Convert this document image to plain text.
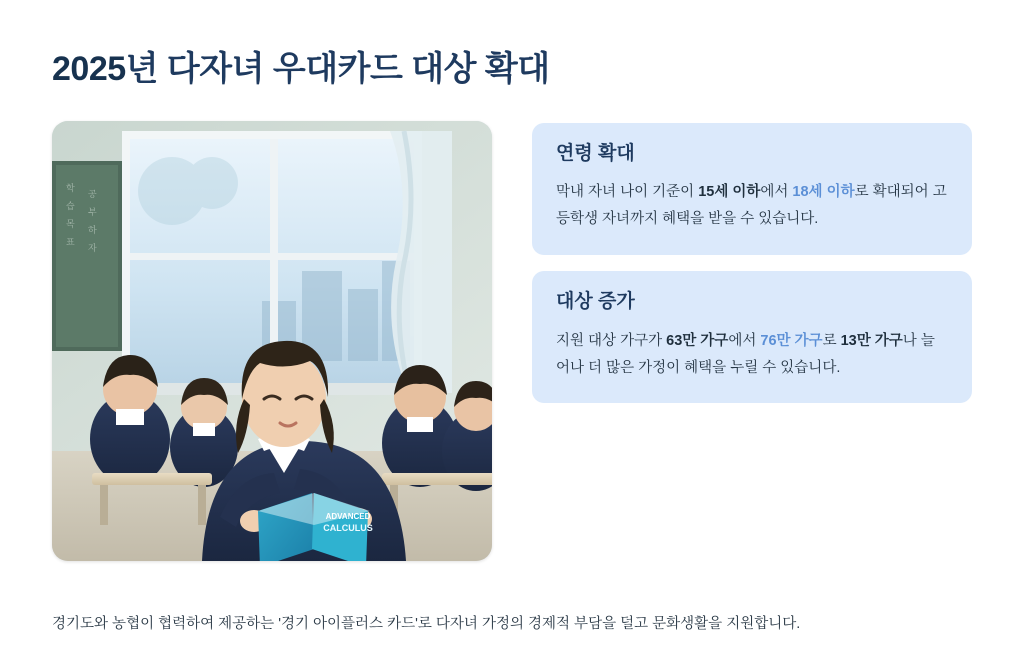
2025년 다자녀 우대카드 대상 확대
학
습
목
표
공
부
하
자
ADVANCED
CALCULUS
연령 확대
막내 자녀 나이 기준이 15세 이하에서 18세 이하로 확대되어 고등학생 자녀까지 혜택을 받을 수 있습니다.
대상 증가
지원 대상 가구가 63만 가구에서 76만 가구로 13만 가구나 늘어나 더 많은 가정이 혜택을 누릴 수 있습니다.
경기도와 농협이 협력하여 제공하는 '경기 아이플러스 카드'로 다자녀 가정의 경제적 부담을 덜고 문화생활을 지원합니다.
